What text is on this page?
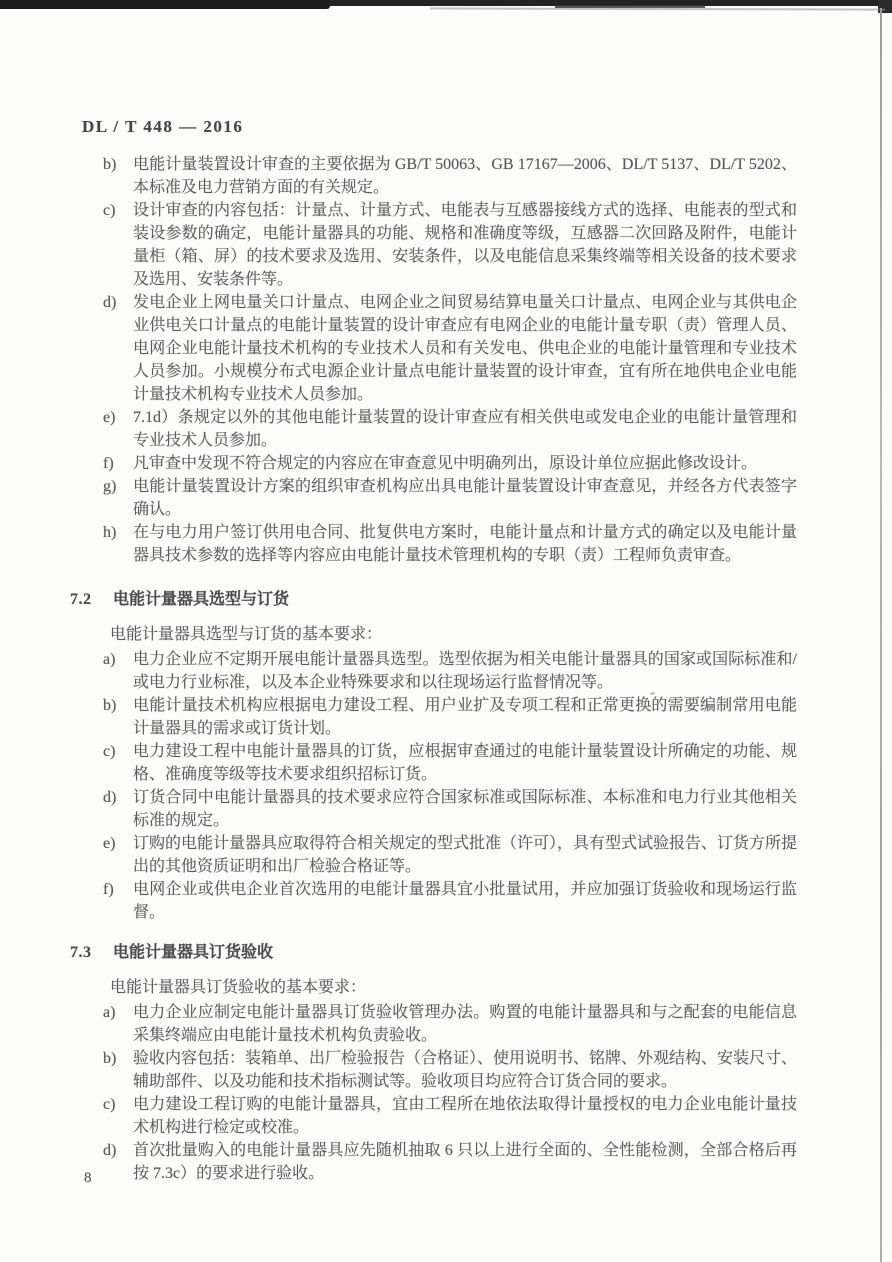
DL / T 448 — 2016
b)	电能计量装置设计审查的主要依据为 GB/T 50063、GB 17167—2006、DL/T 5137、DL/T 5202、本标准及电力营销方面的有关规定。
c)	设计审查的内容包括：计量点、计量方式、电能表与互感器接线方式的选择、电能表的型式和装设参数的确定，电能计量器具的功能、规格和准确度等级，互感器二次回路及附件，电能计量柜（箱、屏）的技术要求及选用、安装条件，以及电能信息采集终端等相关设备的技术要求及选用、安装条件等。
d)	发电企业上网电量关口计量点、电网企业之间贸易结算电量关口计量点、电网企业与其供电企业供电关口计量点的电能计量装置的设计审查应有电网企业的电能计量专职（责）管理人员、电网企业电能计量技术机构的专业技术人员和有关发电、供电企业的电能计量管理和专业技术人员参加。小规模分布式电源企业计量点电能计量装置的设计审查，宜有所在地供电企业电能计量技术机构专业技术人员参加。
e)	7.1d）条规定以外的其他电能计量装置的设计审查应有相关供电或发电企业的电能计量管理和专业技术人员参加。
f)	凡审查中发现不符合规定的内容应在审查意见中明确列出，原设计单位应据此修改设计。
g)	电能计量装置设计方案的组织审查机构应出具电能计量装置设计审查意见，并经各方代表签字确认。
h)	在与电力用户签订供用电合同、批复供电方案时，电能计量点和计量方式的确定以及电能计量器具技术参数的选择等内容应由电能计量技术管理机构的专职（责）工程师负责审查。
7.2	电能计量器具选型与订货

电能计量器具选型与订货的基本要求：

a)	电力企业应不定期开展电能计量器具选型。选型依据为相关电能计量器具的国家或国际标准和/或电力行业标准，以及本企业特殊要求和以往现场运行监督情况等。
b)	电能计量技术机构应根据电力建设工程、用户业扩及专项工程和正常更换的需要编制常用电能计量器具的需求或订货计划。
c)	电力建设工程中电能计量器具的订货，应根据审查通过的电能计量装置设计所确定的功能、规格、准确度等级等技术要求组织招标订货。
d)	订货合同中电能计量器具的技术要求应符合国家标准或国际标准、本标准和电力行业其他相关标准的规定。
e)	订购的电能计量器具应取得符合相关规定的型式批准（许可），具有型式试验报告、订货方所提出的其他资质证明和出厂检验合格证等。
f)	电网企业或供电企业首次选用的电能计量器具宜小批量试用，并应加强订货验收和现场运行监督。
7.3	电能计量器具订货验收

电能计量器具订货验收的基本要求：

a)	电力企业应制定电能计量器具订货验收管理办法。购置的电能计量器具和与之配套的电能信息采集终端应由电能计量技术机构负责验收。
b)	验收内容包括：装箱单、出厂检验报告（合格证）、使用说明书、铭牌、外观结构、安装尺寸、辅助部件、以及功能和技术指标测试等。验收项目均应符合订货合同的要求。
c)	电力建设工程订购的电能计量器具，宜由工程所在地依法取得计量授权的电力企业电能计量技术机构进行检定或校准。
d)	首次批量购入的电能计量器具应先随机抽取 6 只以上进行全面的、全性能检测，全部合格后再按 7.3c）的要求进行验收。
8
